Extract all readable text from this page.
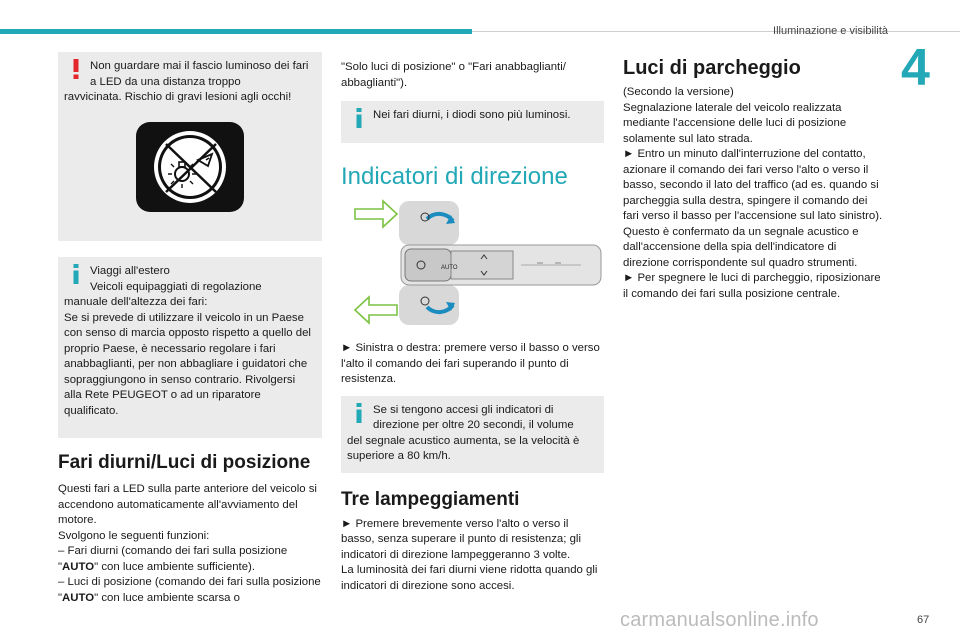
Illuminazione e visibilità
4

Non guardare mai il fascio luminoso dei fari a LED da una distanza troppo

ravvicinata. Rischio di gravi lesioni agli occhi!

Viaggi all'estero

Veicoli equipaggiati di regolazione

manuale dell'altezza dei fari:

Se si prevede di utilizzare il veicolo in un Paese con senso di marcia opposto rispetto a quello del proprio Paese, è necessario regolare i fari anabbaglianti, per non abbagliare i guidatori che sopraggiungono in senso contrario. Rivolgersi alla Rete PEUGEOT o ad un riparatore qualificato.

Fari diurni/Luci di posizione

Questi fari a LED sulla parte anteriore del veicolo si accendono automaticamente all'avviamento del motore.

Svolgono le seguenti funzioni:

– Fari diurni (comando dei fari sulla posizione "AUTO" con luce ambiente sufficiente).

– Luci di posizione (comando dei fari sulla posizione "AUTO" con luce ambiente scarsa o

"Solo luci di posizione" o "Fari anabbaglianti/ abbaglianti").

Nei fari diurni, i diodi sono più luminosi.

Indicatori di direzione
AUTO

► Sinistra o destra: premere verso il basso o verso l'alto il comando dei fari superando il punto di resistenza.

Se si tengono accesi gli indicatori di direzione per oltre 20 secondi, il volume

del segnale acustico aumenta, se la velocità è superiore a 80 km/h.

Tre lampeggiamenti

► Premere brevemente verso l'alto o verso il basso, senza superare il punto di resistenza; gli indicatori di direzione lampeggeranno 3 volte.

La luminosità dei fari diurni viene ridotta quando gli indicatori di direzione sono accesi.

Luci di parcheggio

(Secondo la versione)

Segnalazione laterale del veicolo realizzata mediante l'accensione delle luci di posizione solamente sul lato strada.

► Entro un minuto dall'interruzione del contatto, azionare il comando dei fari verso l'alto o verso il basso, secondo il lato del traffico (ad es. quando si parcheggia sulla destra, spingere il comando dei fari verso il basso per l'accensione sul lato sinistro).

Questo è confermato da un segnale acustico e dall'accensione della spia dell'indicatore di direzione corrispondente sul quadro strumenti.

► Per spegnere le luci di parcheggio, riposizionare il comando dei fari sulla posizione centrale.

carmanualsonline.info	67
